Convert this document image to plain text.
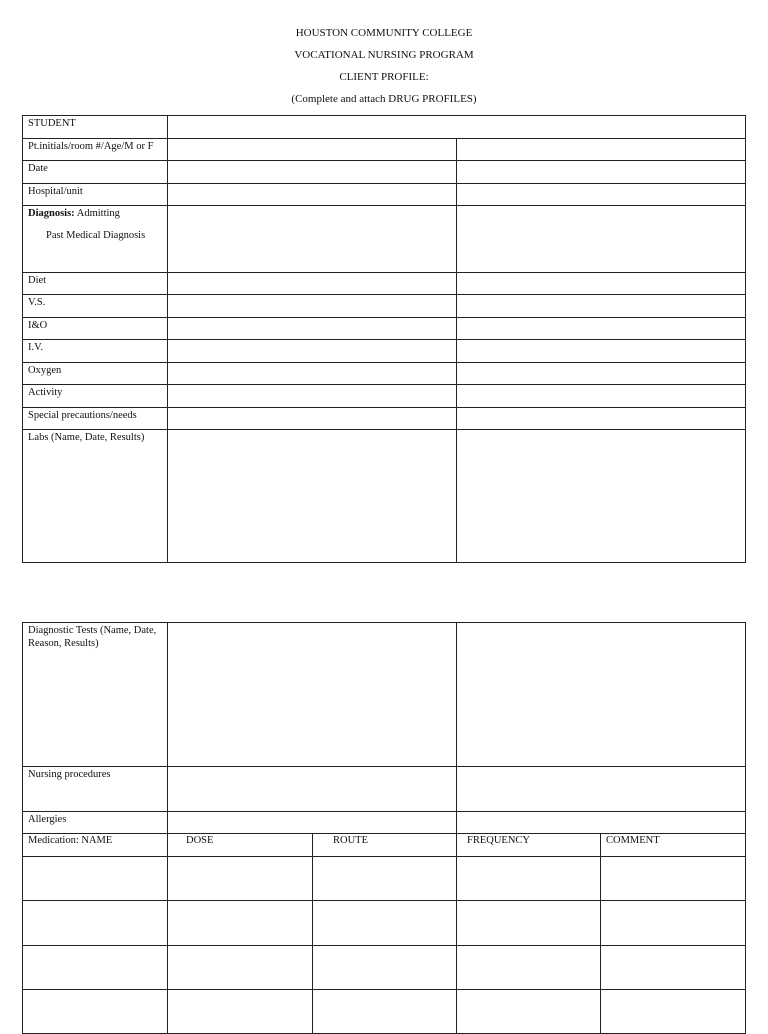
HOUSTON COMMUNITY COLLEGE
VOCATIONAL NURSING PROGRAM
CLIENT PROFILE:
(Complete and attach DRUG PROFILES)
STUDENT		
Pt.initials/room #/Age/M or F		
Date		
Hospital/unit		
Diagnosis: Admitting
Past Medical Diagnosis		

Diet		
V.S.		
I&O		
I.V.		
Oxygen		
Activity		
Special precautions/needs		
Labs (Name, Date, Results)		
Diagnostic Tests (Name, Date, Reason, Results)				
Nursing procedures				
Allergies				
Medication: NAME	DOSE	ROUTE	FREQUENCY	COMMENT
